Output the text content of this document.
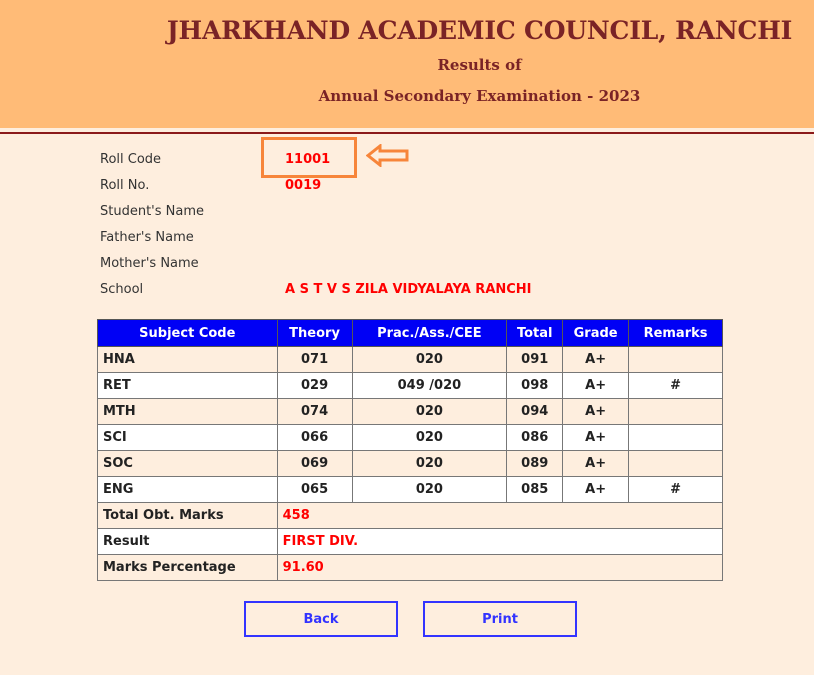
JHARKHAND ACADEMIC COUNCIL, RANCHI
Results of
Annual Secondary Examination - 2023
Roll Code	11001
Roll No.	0019
Student's Name
Father's Name
Mother's Name
School	A S T V S ZILA VIDYALAYA RANCHI
Subject Code	Theory	Prac./Ass./CEE	Total	Grade	Remarks
HNA	071	020	091	A+	
RET	029	049 /020	098	A+	#
MTH	074	020	094	A+	
SCI	066	020	086	A+	
SOC	069	020	089	A+	
ENG	065	020	085	A+	#
Total Obt. Marks	458				
Result	FIRST DIV.				
Marks Percentage	91.60				
Back	Print
